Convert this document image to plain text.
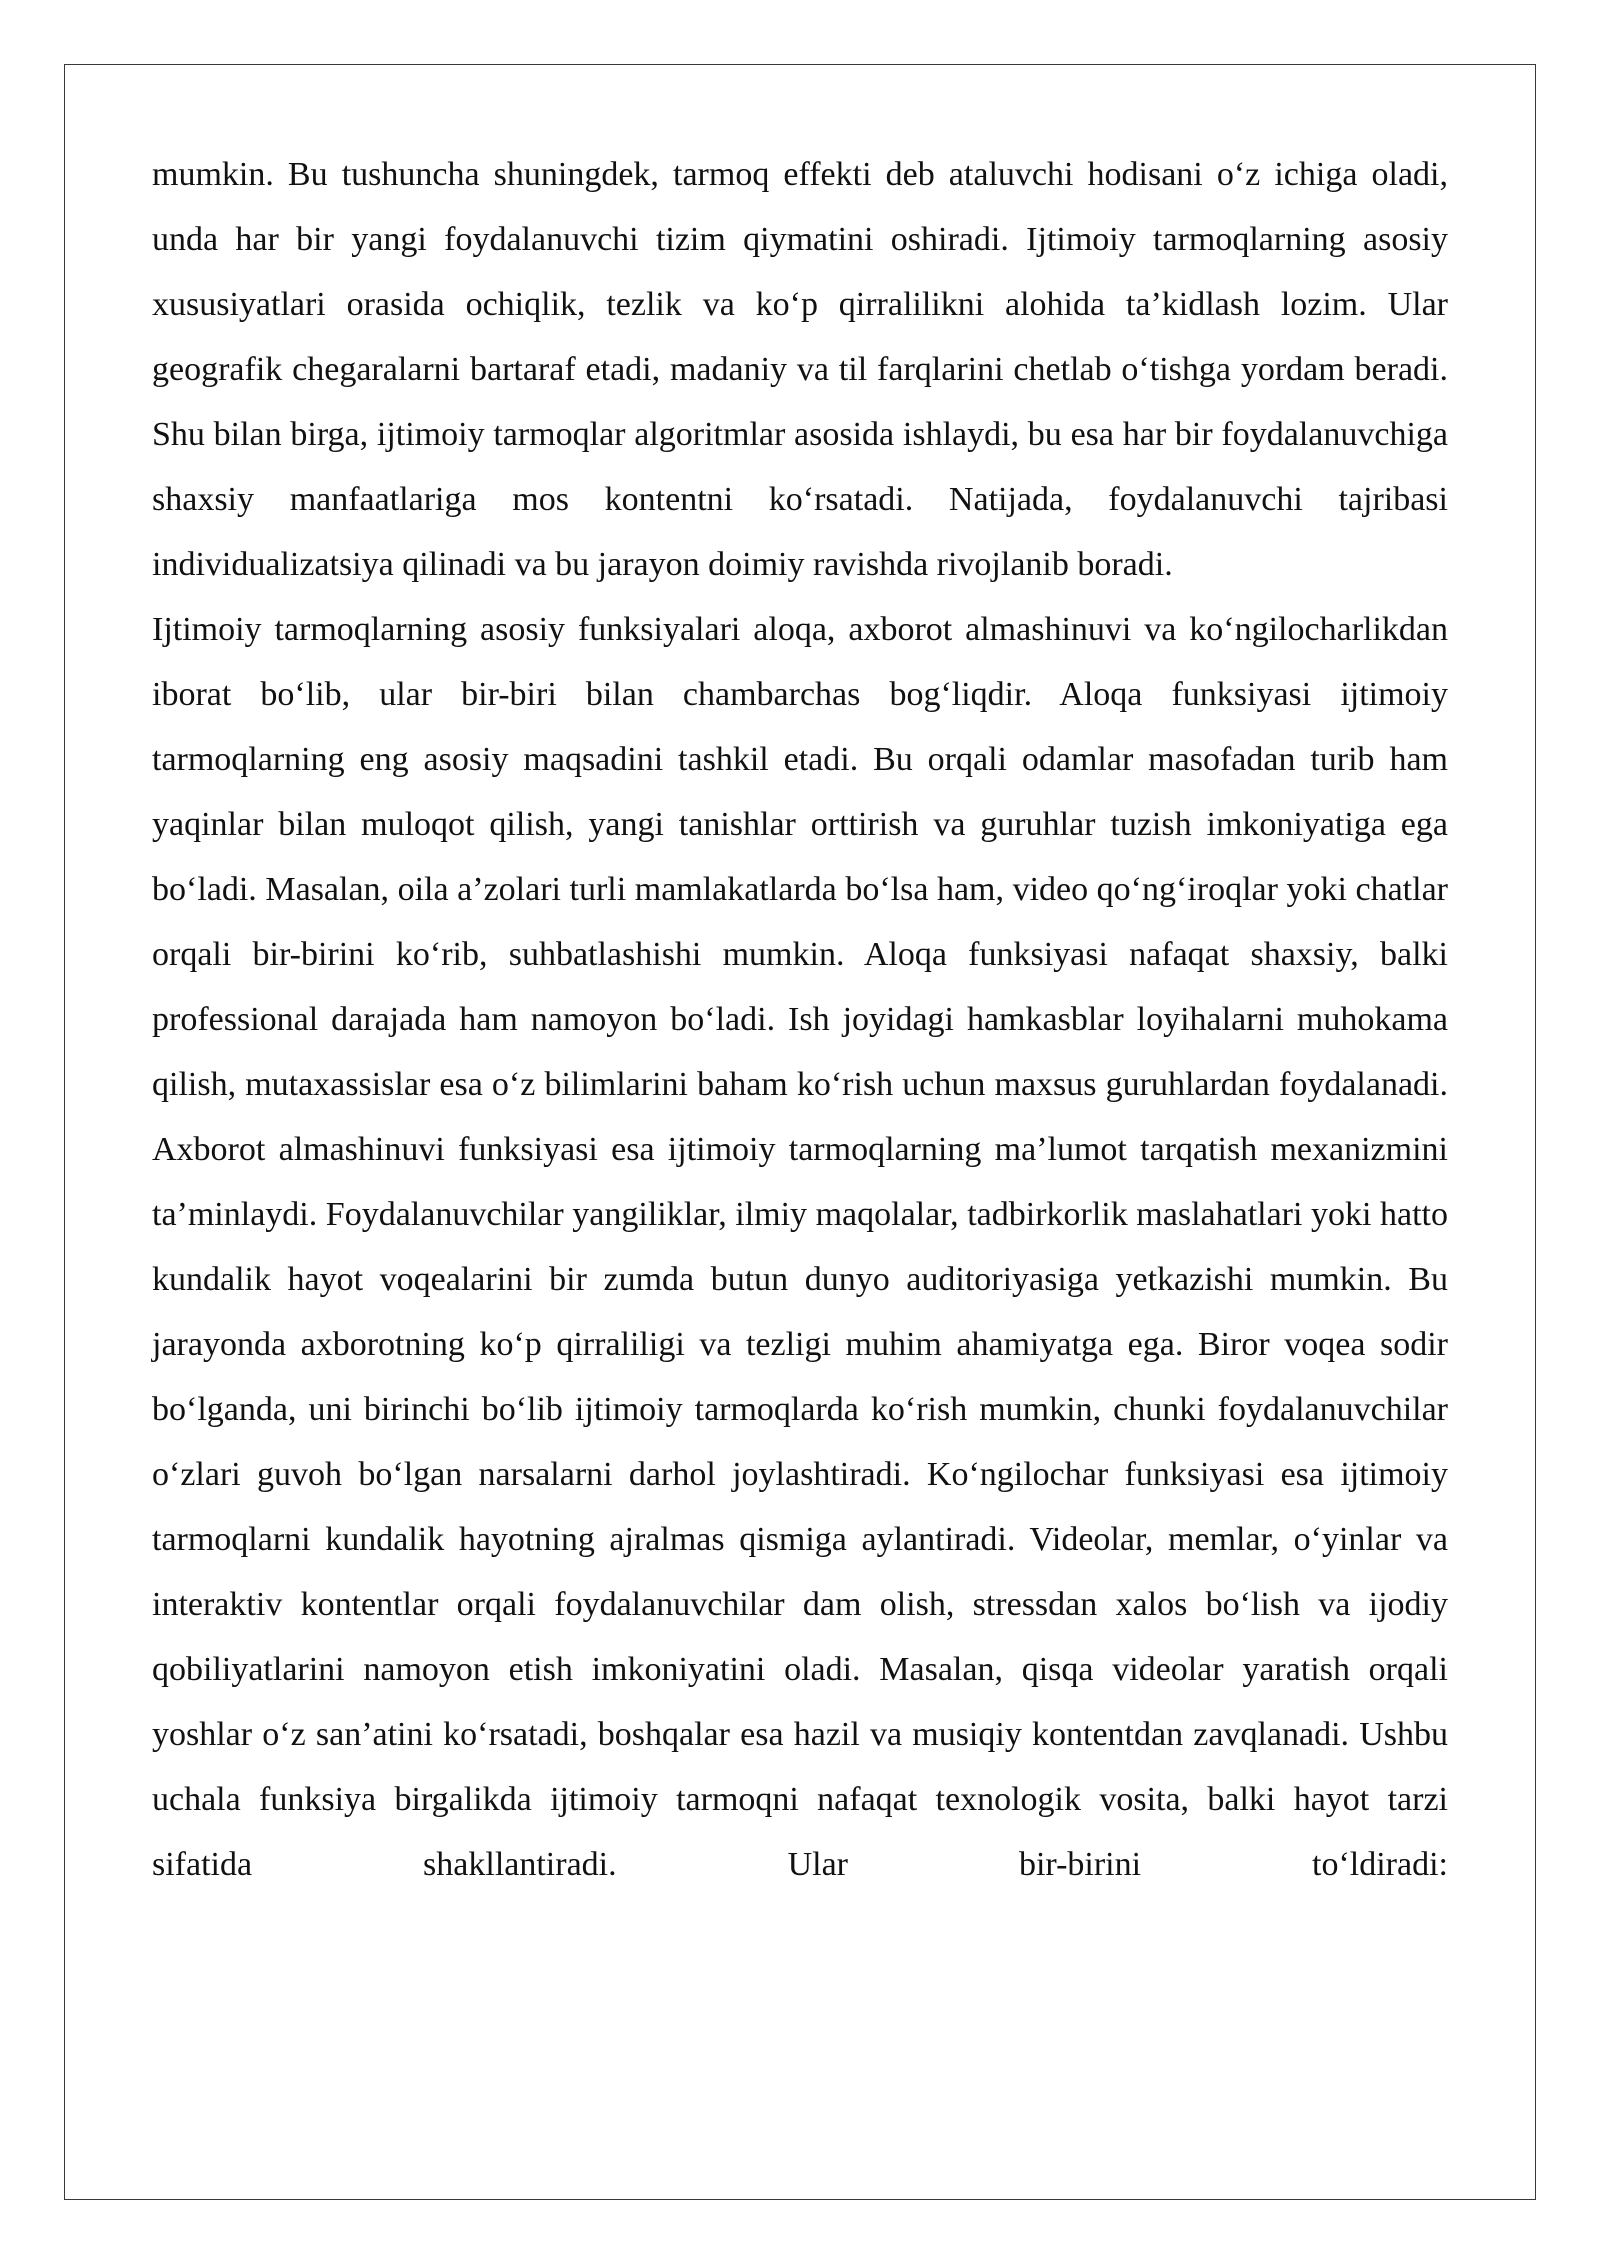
mumkin. Bu tushuncha shuningdek, tarmoq effekti deb ataluvchi hodisani o‘z ichiga oladi, unda har bir yangi foydalanuvchi tizim qiymatini oshiradi. Ijtimoiy tarmoqlarning asosiy xususiyatlari orasida ochiqlik, tezlik va ko‘p qirralilikni alohida ta’kidlash lozim. Ular geografik chegaralarni bartaraf etadi, madaniy va til farqlarini chetlab o‘tishga yordam beradi. Shu bilan birga, ijtimoiy tarmoqlar algoritmlar asosida ishlaydi, bu esa har bir foydalanuvchiga shaxsiy manfaatlariga mos kontentni ko‘rsatadi. Natijada, foydalanuvchi tajribasi individualizatsiya qilinadi va bu jarayon doimiy ravishda rivojlanib boradi.

Ijtimoiy tarmoqlarning asosiy funksiyalari aloqa, axborot almashinuvi va ko‘ngilocharlikdan iborat bo‘lib, ular bir-biri bilan chambarchas bog‘liqdir. Aloqa funksiyasi ijtimoiy tarmoqlarning eng asosiy maqsadini tashkil etadi. Bu orqali odamlar masofadan turib ham yaqinlar bilan muloqot qilish, yangi tanishlar orttirish va guruhlar tuzish imkoniyatiga ega bo‘ladi. Masalan, oila a’zolari turli mamlakatlarda bo‘lsa ham, video qo‘ng‘iroqlar yoki chatlar orqali bir-birini ko‘rib, suhbatlashishi mumkin. Aloqa funksiyasi nafaqat shaxsiy, balki professional darajada ham namoyon bo‘ladi. Ish joyidagi hamkasblar loyihalarni muhokama qilish, mutaxassislar esa o‘z bilimlarini baham ko‘rish uchun maxsus guruhlardan foydalanadi. Axborot almashinuvi funksiyasi esa ijtimoiy tarmoqlarning ma’lumot tarqatish mexanizmini ta’minlaydi. Foydalanuvchilar yangiliklar, ilmiy maqolalar, tadbirkorlik maslahatlari yoki hatto kundalik hayot voqealarini bir zumda butun dunyo auditoriyasiga yetkazishi mumkin. Bu jarayonda axborotning ko‘p qirraliligi va tezligi muhim ahamiyatga ega. Biror voqea sodir bo‘lganda, uni birinchi bo‘lib ijtimoiy tarmoqlarda ko‘rish mumkin, chunki foydalanuvchilar o‘zlari guvoh bo‘lgan narsalarni darhol joylashtiradi. Ko‘ngilochar funksiyasi esa ijtimoiy tarmoqlarni kundalik hayotning ajralmas qismiga aylantiradi. Videolar, memlar, o‘yinlar va interaktiv kontentlar orqali foydalanuvchilar dam olish, stressdan xalos bo‘lish va ijodiy qobiliyatlarini namoyon etish imkoniyatini oladi. Masalan, qisqa videolar yaratish orqali yoshlar o‘z san’atini ko‘rsatadi, boshqalar esa hazil va musiqiy kontentdan zavqlanadi. Ushbu uchala funksiya birgalikda ijtimoiy tarmoqni nafaqat texnologik vosita, balki hayot tarzi sifatida shakllantiradi. Ular bir-birini to‘ldiradi:
